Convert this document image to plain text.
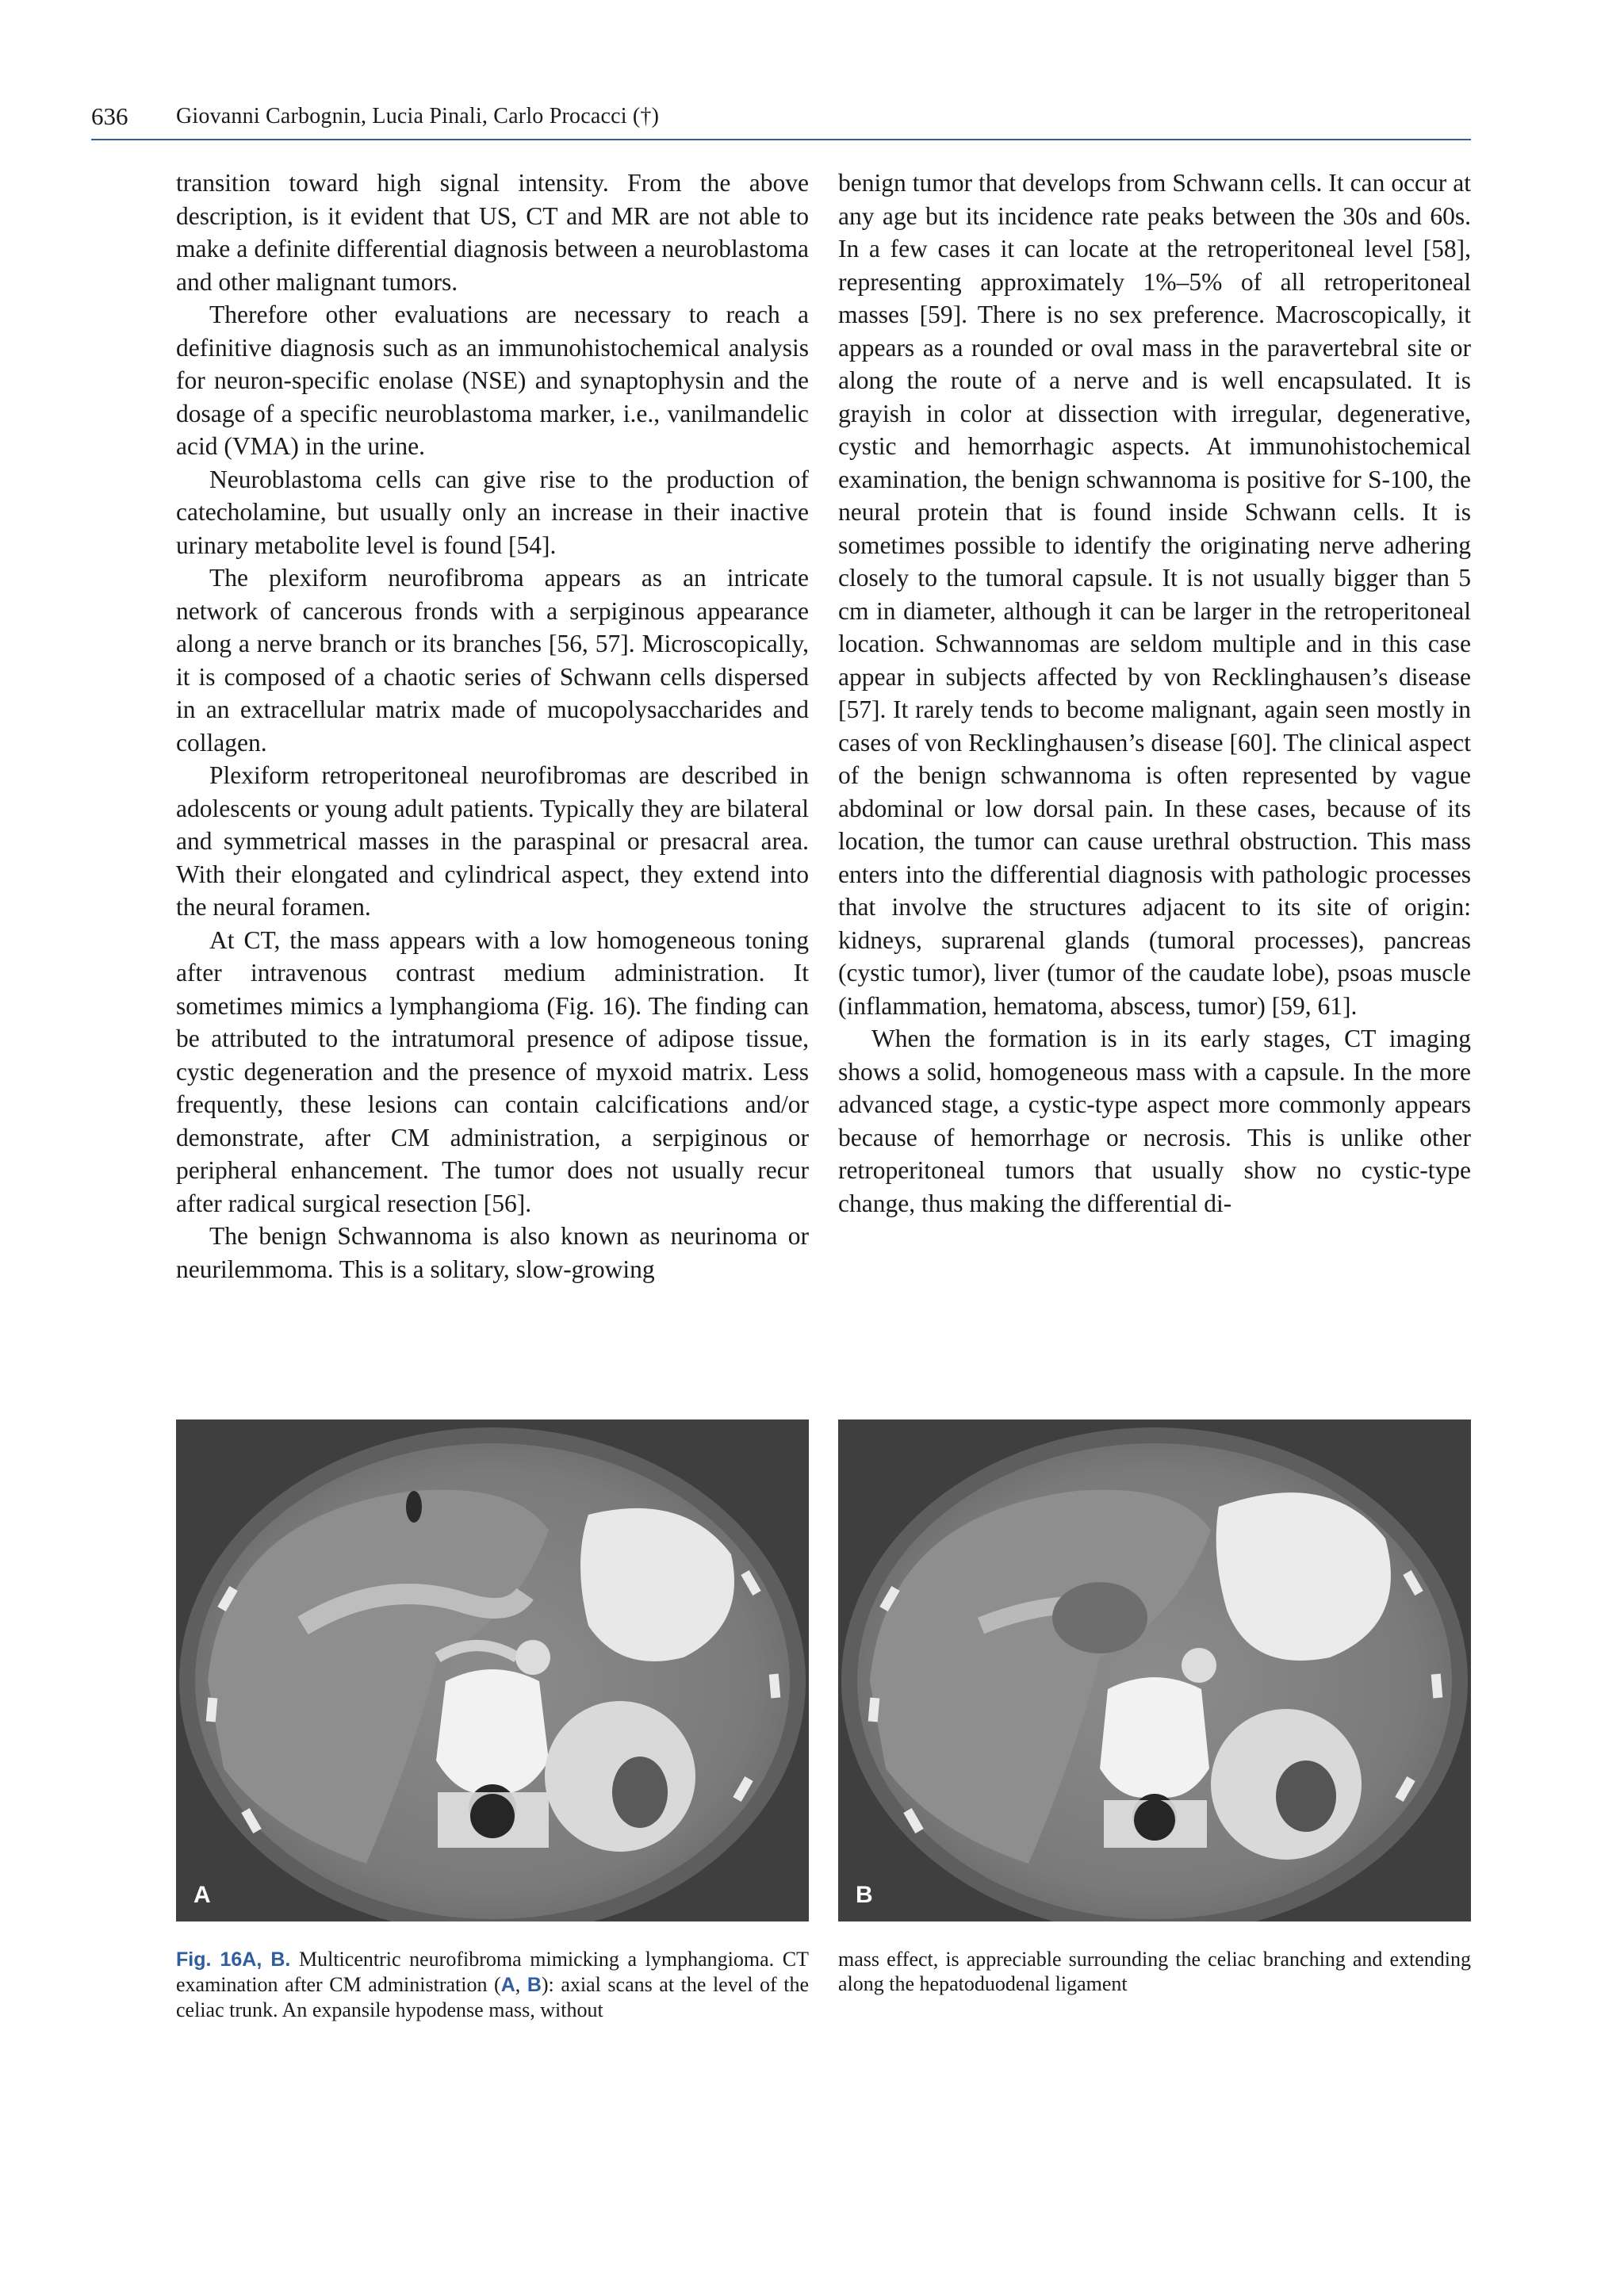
636 Giovanni Carbognin, Lucia Pinali, Carlo Procacci (†)

transition toward high signal intensity. From the above description, is it evident that US, CT and MR are not able to make a definite differential diagnosis between a neuroblastoma and other malignant tumors.

Therefore other evaluations are necessary to reach a definitive diagnosis such as an immunohistochemical analysis for neuron-specific enolase (NSE) and synaptophysin and the dosage of a specific neuroblastoma marker, i.e., vanilmandelic acid (VMA) in the urine.

Neuroblastoma cells can give rise to the production of catecholamine, but usually only an increase in their inactive urinary metabolite level is found [54].

The plexiform neurofibroma appears as an intricate network of cancerous fronds with a serpiginous appearance along a nerve branch or its branches [56, 57]. Microscopically, it is composed of a chaotic series of Schwann cells dispersed in an extracellular matrix made of mucopolysaccharides and collagen.

Plexiform retroperitoneal neurofibromas are described in adolescents or young adult patients. Typically they are bilateral and symmetrical masses in the paraspinal or presacral area. With their elongated and cylindrical aspect, they extend into the neural foramen.

At CT, the mass appears with a low homogeneous toning after intravenous contrast medium administration. It sometimes mimics a lymphangioma (Fig. 16). The finding can be attributed to the intratumoral presence of adipose tissue, cystic degeneration and the presence of myxoid matrix. Less frequently, these lesions can contain calcifications and/or demonstrate, after CM administration, a serpiginous or peripheral enhancement. The tumor does not usually recur after radical surgical resection [56].

The benign Schwannoma is also known as neurinoma or neurilemmoma. This is a solitary, slow-growing

benign tumor that develops from Schwann cells. It can occur at any age but its incidence rate peaks between the 30s and 60s. In a few cases it can locate at the retroperitoneal level [58], representing approximately 1%–5% of all retroperitoneal masses [59]. There is no sex preference. Macroscopically, it appears as a rounded or oval mass in the paravertebral site or along the route of a nerve and is well encapsulated. It is grayish in color at dissection with irregular, degenerative, cystic and hemorrhagic aspects. At immunohistochemical examination, the benign schwannoma is positive for S-100, the neural protein that is found inside Schwann cells. It is sometimes possible to identify the originating nerve adhering closely to the tumoral capsule. It is not usually bigger than 5 cm in diameter, although it can be larger in the retroperitoneal location. Schwannomas are seldom multiple and in this case appear in subjects affected by von Recklinghausen’s disease [57]. It rarely tends to become malignant, again seen mostly in cases of von Recklinghausen’s disease [60]. The clinical aspect of the benign schwannoma is often represented by vague abdominal or low dorsal pain. In these cases, because of its location, the tumor can cause urethral obstruction. This mass enters into the differential diagnosis with pathologic processes that involve the structures adjacent to its site of origin: kidneys, suprarenal glands (tumoral processes), pancreas (cystic tumor), liver (tumor of the caudate lobe), psoas muscle (inflammation, hematoma, abscess, tumor) [59, 61].

When the formation is in its early stages, CT imaging shows a solid, homogeneous mass with a capsule. In the more advanced stage, a cystic-type aspect more commonly appears because of hemorrhage or necrosis. This is unlike other retroperitoneal tumors that usually show no cystic-type change, thus making the differential di-

A	B
Fig. 16A, B. Multicentric neurofibroma mimicking a lymphangioma. CT examination after CM administration (A, B): axial scans at the level of the celiac trunk. An expansile hypodense mass, without
mass effect, is appreciable surrounding the celiac branching and extending along the hepatoduodenal ligament
